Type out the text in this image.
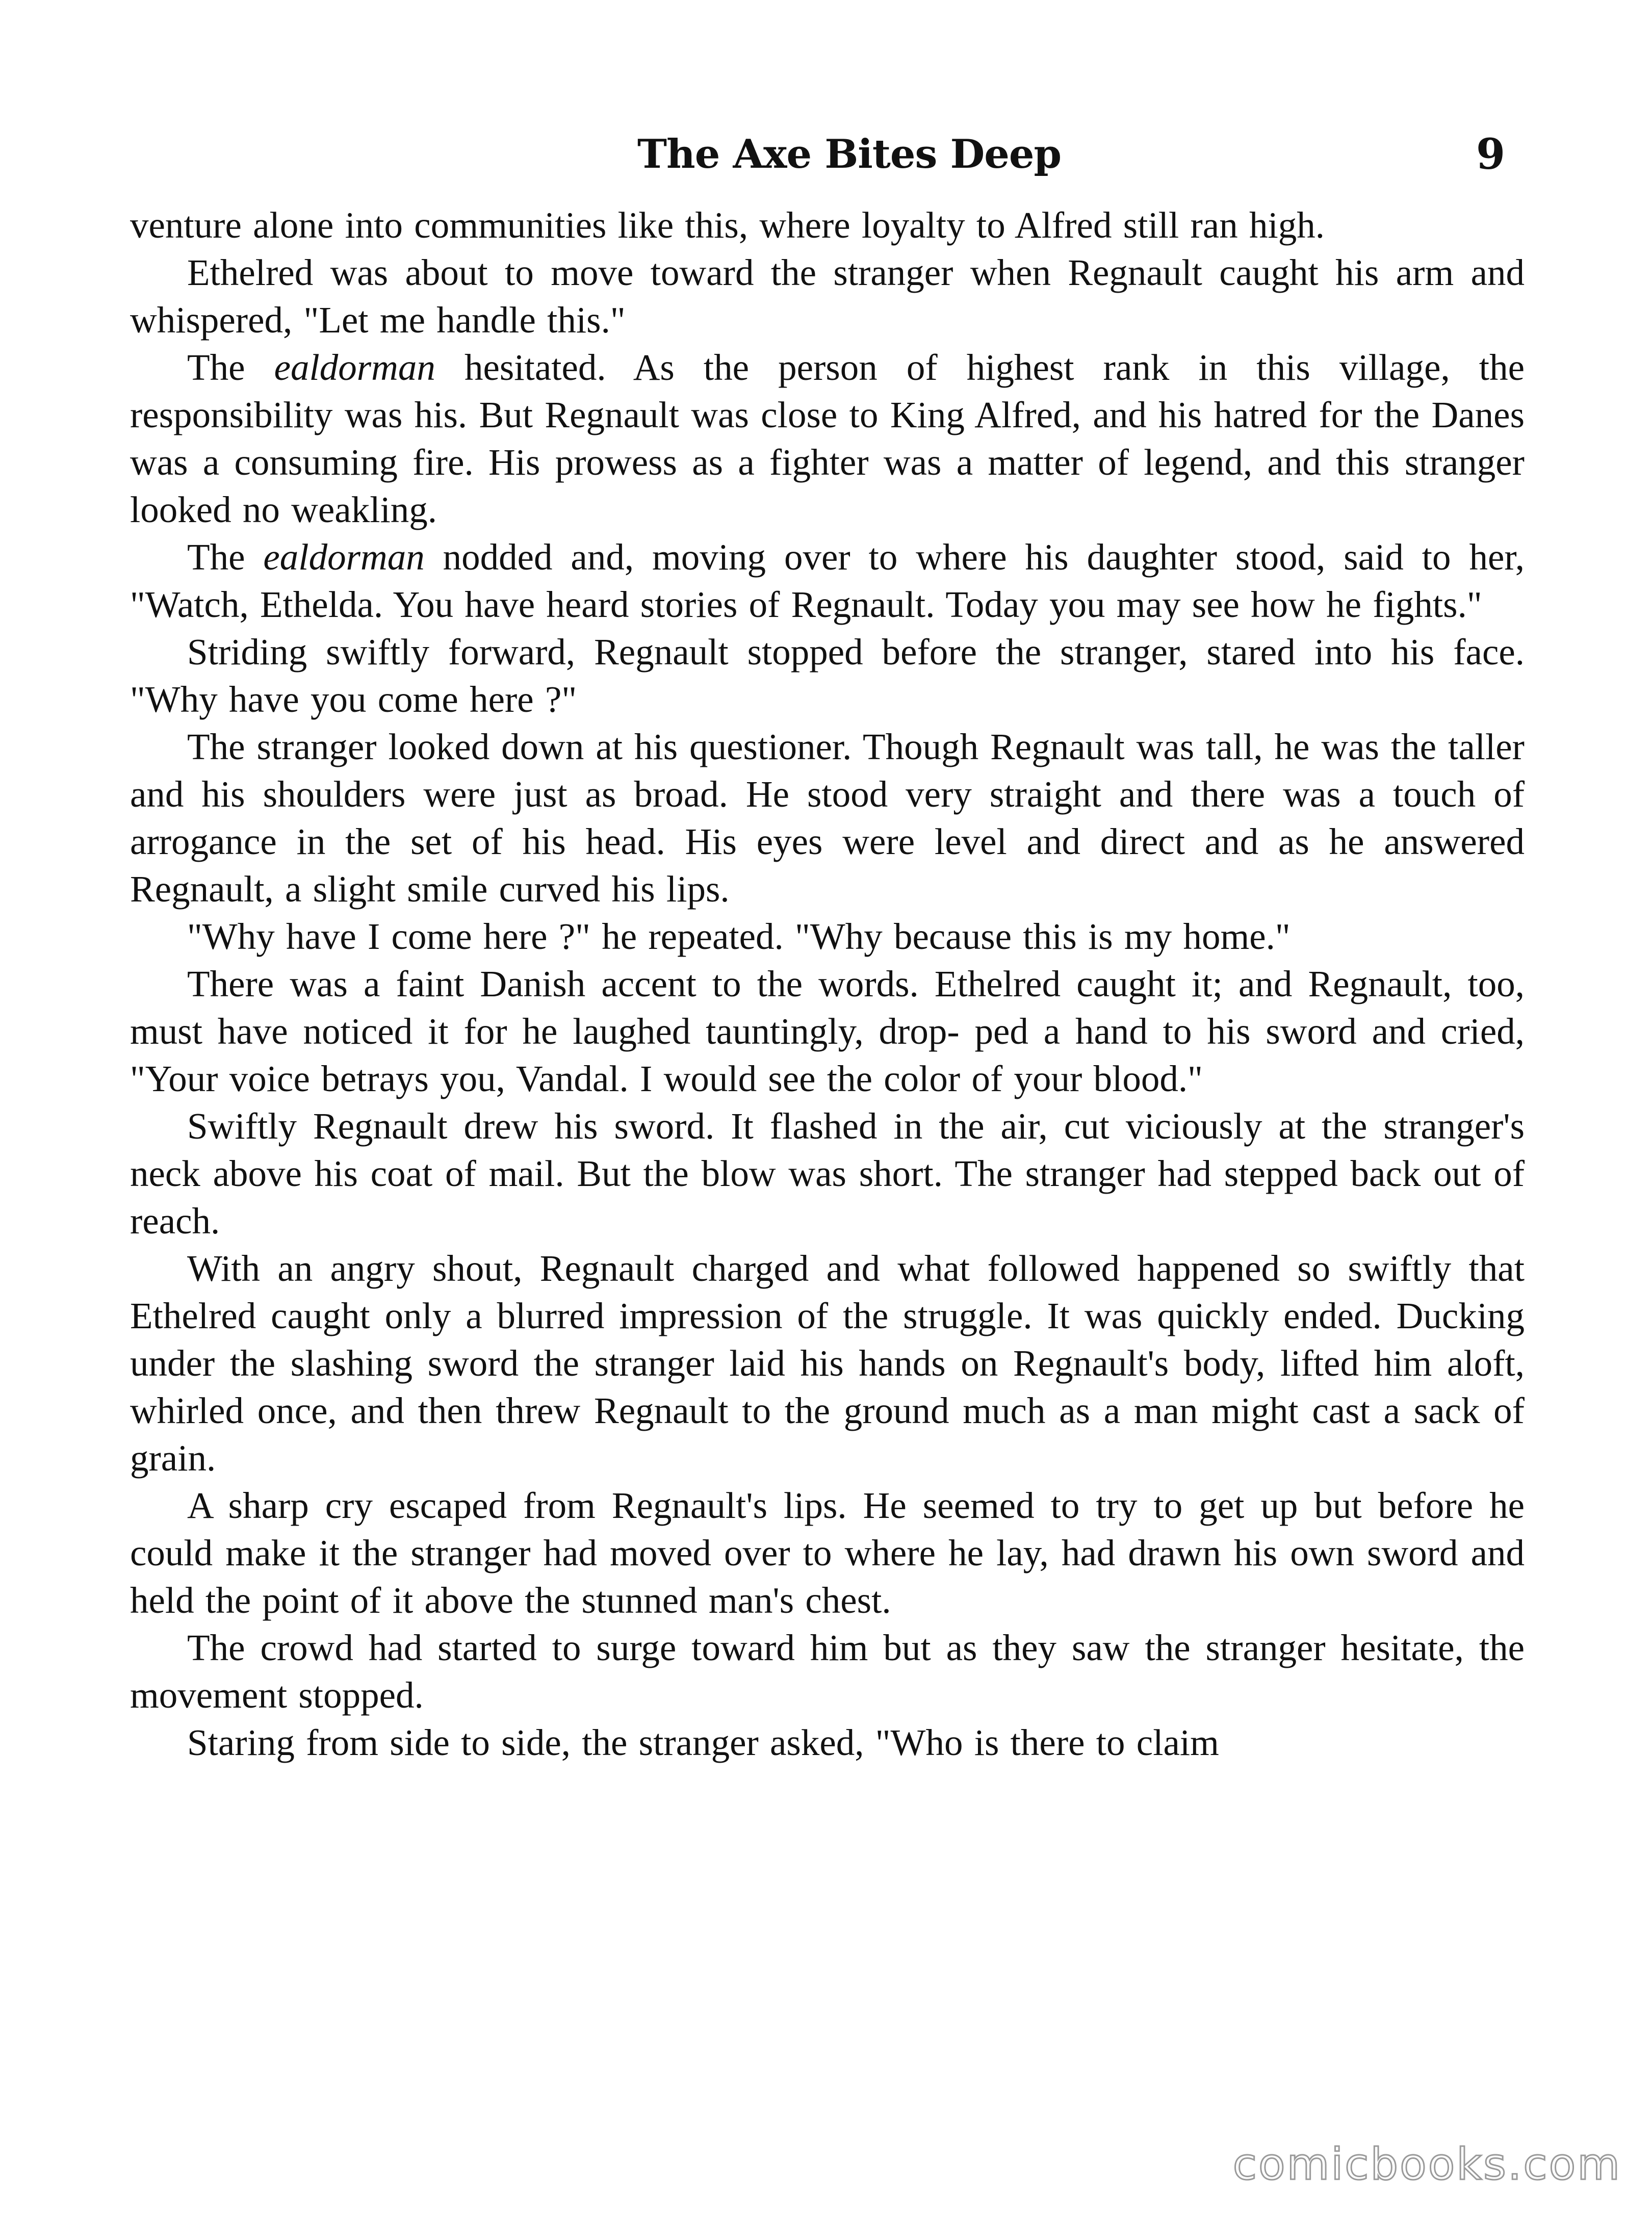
The Axe Bites Deep	9

venture alone into communities like this, where loyalty to Alfred still ran high.

Ethelred was about to move toward the stranger when Regnault caught his arm and whispered, "Let me handle this."

The ealdorman hesitated. As the person of highest rank in this village, the responsibility was his. But Regnault was close to King Alfred, and his hatred for the Danes was a consuming fire. His prowess as a fighter was a matter of legend, and this stranger looked no weakling.

The ealdorman nodded and, moving over to where his daughter stood, said to her, "Watch, Ethelda. You have heard stories of Regnault. Today you may see how he fights."

Striding swiftly forward, Regnault stopped before the stranger, stared into his face. "Why have you come here ?"

The stranger looked down at his questioner. Though Regnault was tall, he was the taller and his shoulders were just as broad. He stood very straight and there was a touch of arrogance in the set of his head. His eyes were level and direct and as he answered Regnault, a slight smile curved his lips.

"Why have I come here ?" he repeated. "Why because this is my home."

There was a faint Danish accent to the words. Ethelred caught it; and Regnault, too, must have noticed it for he laughed tauntingly, drop- ped a hand to his sword and cried, "Your voice betrays you, Vandal. I would see the color of your blood."

Swiftly Regnault drew his sword. It flashed in the air, cut viciously at the stranger's neck above his coat of mail. But the blow was short. The stranger had stepped back out of reach.

With an angry shout, Regnault charged and what followed happened so swiftly that Ethelred caught only a blurred impression of the struggle. It was quickly ended. Ducking under the slashing sword the stranger laid his hands on Regnault's body, lifted him aloft, whirled once, and then threw Regnault to the ground much as a man might cast a sack of grain.

A sharp cry escaped from Regnault's lips. He seemed to try to get up but before he could make it the stranger had moved over to where he lay, had drawn his own sword and held the point of it above the stunned man's chest.

The crowd had started to surge toward him but as they saw the stranger hesitate, the movement stopped.

Staring from side to side, the stranger asked, "Who is there to claim

comicbooks.com
